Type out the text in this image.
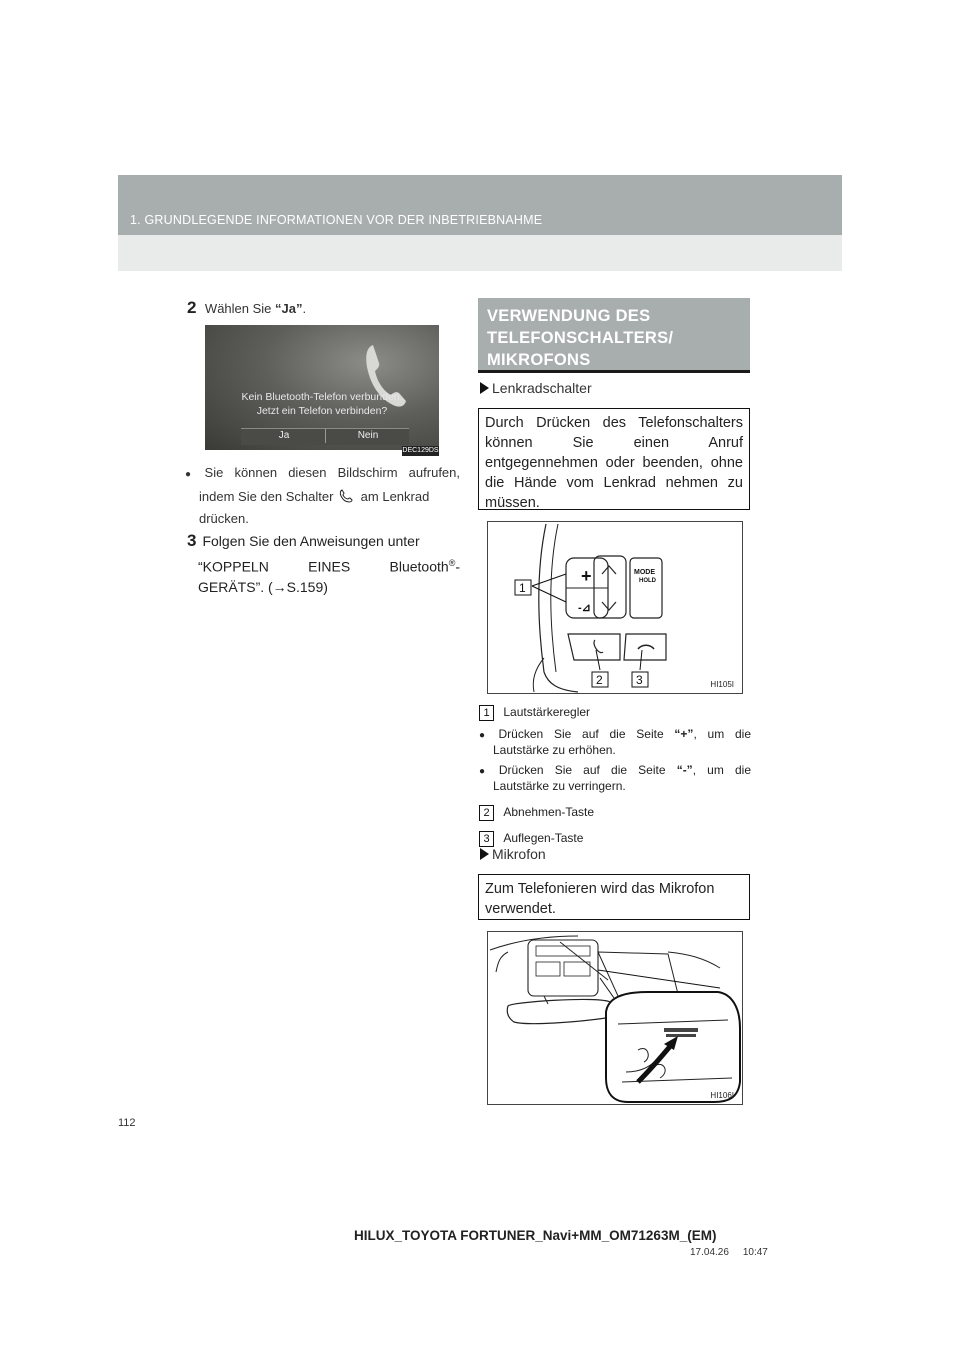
1. GRUNDLEGENDE INFORMATIONEN VOR DER INBETRIEBNAHME
2 Wählen Sie “Ja”.
Kein Bluetooth-Telefon verbunden.
Jetzt ein Telefon verbinden?
Ja	Nein
DEC129DS
● Sie können diesen Bildschirm aufrufen,
indem Sie den Schalter am Lenkrad
drücken.
3 Folgen Sie den Anweisungen unter
“KOPPELN EINES Bluetooth®-
GERÄTS”. (→S.159)
VERWENDUNG DES
TELEFONSCHALTERS/
MIKROFONS
Lenkradschalter

Durch Drücken des Telefonschalters können Sie einen Anruf entgegennehmen oder beenden, ohne die Hände vom Lenkrad nehmen zu müssen.

+
-⊿
MODE
HOLD
1
2	3	HI105I
1 Lautstärkeregler
● Drücken Sie auf die Seite “+”, um die
Lautstärke zu erhöhen.
● Drücken Sie auf die Seite “-”, um die
Lautstärke zu verringern.
2 Abnehmen-Taste
3 Auflegen-Taste
Mikrofon

Zum Telefonieren wird das Mikrofon verwendet.

HI106I
112
HILUX_TOYOTA FORTUNER_Navi+MM_OM71263M_(EM)
17.04.26     10:47
